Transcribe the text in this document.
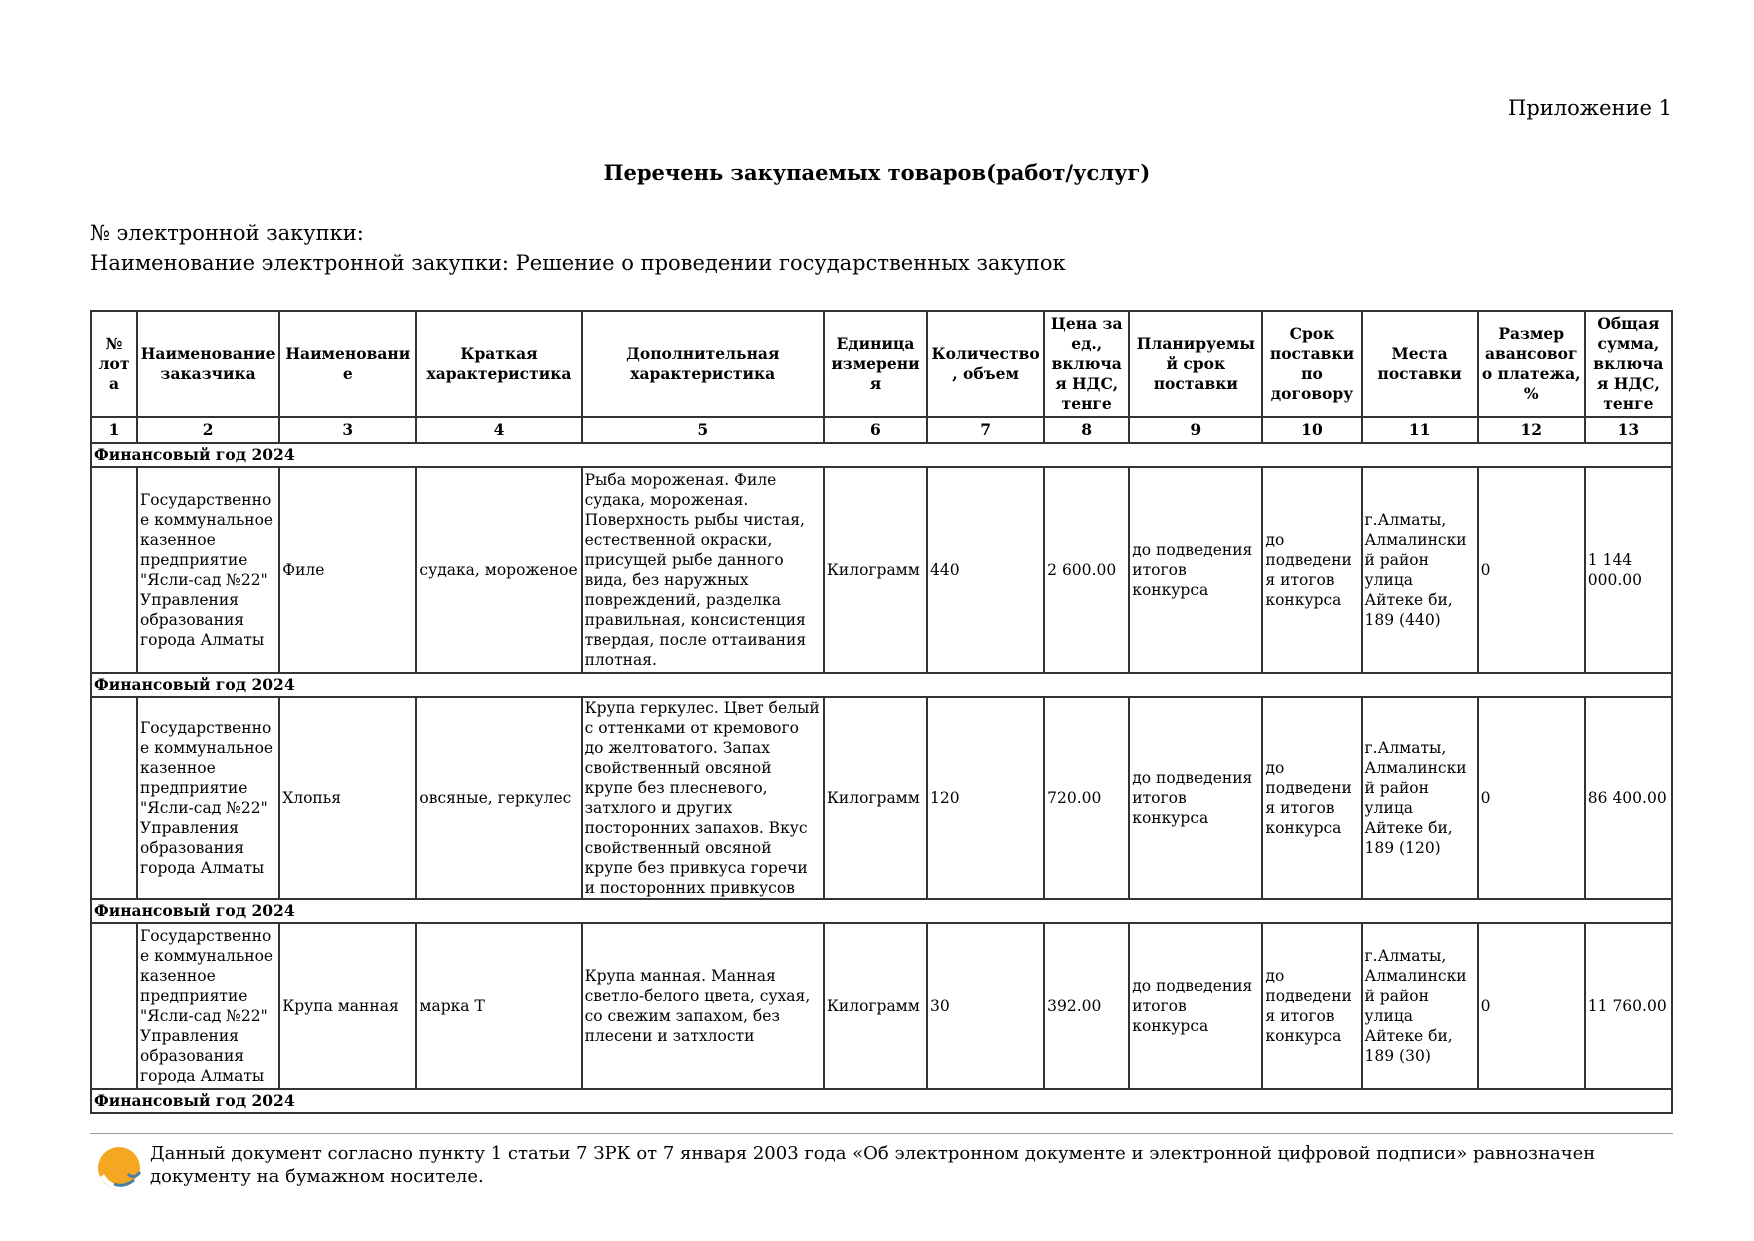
Приложение 1
Перечень закупаемых товаров(работ/услуг)
№ электронной закупки:
Наименование электронной закупки: Решение о проведении государственных закупок
№ лота	Наименование заказчика	Наименование	Краткая характеристика	Дополнительная характеристика	Единица измерения	Количество, объем	Цена за ед., включая НДС, тенге	Планируемый срок поставки	Срок поставки по договору	Места поставки	Размер авансового платежа, %	Общая сумма, включая НДС, тенге
1	2	3	4	5	6	7	8	9	10	11	12	13
Финансовый год 2024												
	Государственное коммунальное казенное предприятие "Ясли-сад №22" Управления образования города Алматы	Филе	судака, мороженое	Рыба мороженая. Филе судака, мороженая. Поверхность рыбы чистая, естественной окраски, присущей рыбе данного вида, без наружных повреждений, разделка правильная, консистенция твердая, после оттаивания плотная.	Килограмм	440	2 600.00	до подведения итогов конкурса	до подведения итогов конкурса	г.Алматы, Алмалинский район улица Айтеке би, 189 (440)	0	1 144 000.00
Финансовый год 2024												
	Государственное коммунальное казенное предприятие "Ясли-сад №22" Управления образования города Алматы	Хлопья	овсяные, геркулес	Крупа геркулес. Цвет белый с оттенками от кремового до желтоватого. Запах свойственный овсяной крупе без плесневого, затхлого и других посторонних запахов. Вкус свойственный овсяной крупе без привкуса горечи и посторонних привкусов	Килограмм	120	720.00	до подведения итогов конкурса	до подведения итогов конкурса	г.Алматы, Алмалинский район улица Айтеке би, 189 (120)	0	86 400.00
Финансовый год 2024												
	Государственное коммунальное казенное предприятие "Ясли-сад №22" Управления образования города Алматы	Крупа манная	марка Т	Крупа манная. Манная светло-белого цвета, сухая, со свежим запахом, без плесени и затхлости	Килограмм	30	392.00	до подведения итогов конкурса	до подведения итогов конкурса	г.Алматы, Алмалинский район улица Айтеке би, 189 (30)	0	11 760.00
Финансовый год 2024												
Данный документ согласно пункту 1 статьи 7 ЗРК от 7 января 2003 года «Об электронном документе и электронной цифровой подписи» равнозначен документу на бумажном носителе.
